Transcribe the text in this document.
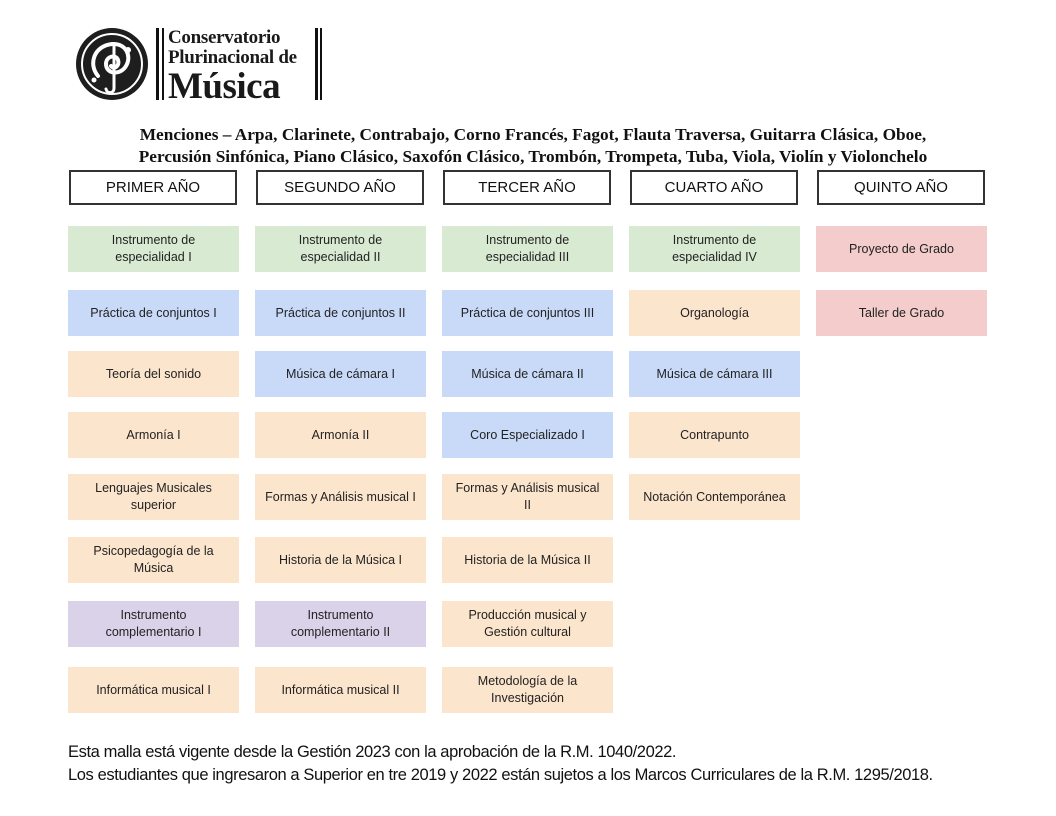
Conservatorio
Plurinacional de
Música
Menciones – Arpa, Clarinete, Contrabajo, Corno Francés, Fagot, Flauta Traversa, Guitarra Clásica, Oboe,
Percusión Sinfónica, Piano Clásico, Saxofón Clásico, Trombón, Trompeta, Tuba, Viola, Violín y Violonchelo
PRIMER AÑO
Instrumento de especialidad I
Práctica de conjuntos I
Teoría del sonido
Armonía I
Lenguajes Musicales superior
Psicopedagogía de la Música
Instrumento complementario I
Informática musical I
SEGUNDO AÑO
Instrumento de especialidad II
Práctica de conjuntos II
Música de cámara I
Armonía II
Formas y Análisis musical I
Historia de la Música I
Instrumento complementario II
Informática musical II
TERCER AÑO
Instrumento de especialidad III
Práctica de conjuntos III
Música de cámara II
Coro Especializado I
Formas y Análisis musical II
Historia de la Música II
Producción musical y Gestión cultural
Metodología de la Investigación
CUARTO AÑO
Instrumento de especialidad IV
Organología
Música de cámara III
Contrapunto
Notación Contemporánea
QUINTO AÑO
Proyecto de Grado
Taller de Grado
Esta malla está vigente desde la Gestión 2023 con la aprobación de la R.M. 1040/2022.
Los estudiantes que ingresaron a Superior en tre 2019 y 2022 están sujetos a los Marcos Curriculares de la R.M. 1295/2018.
